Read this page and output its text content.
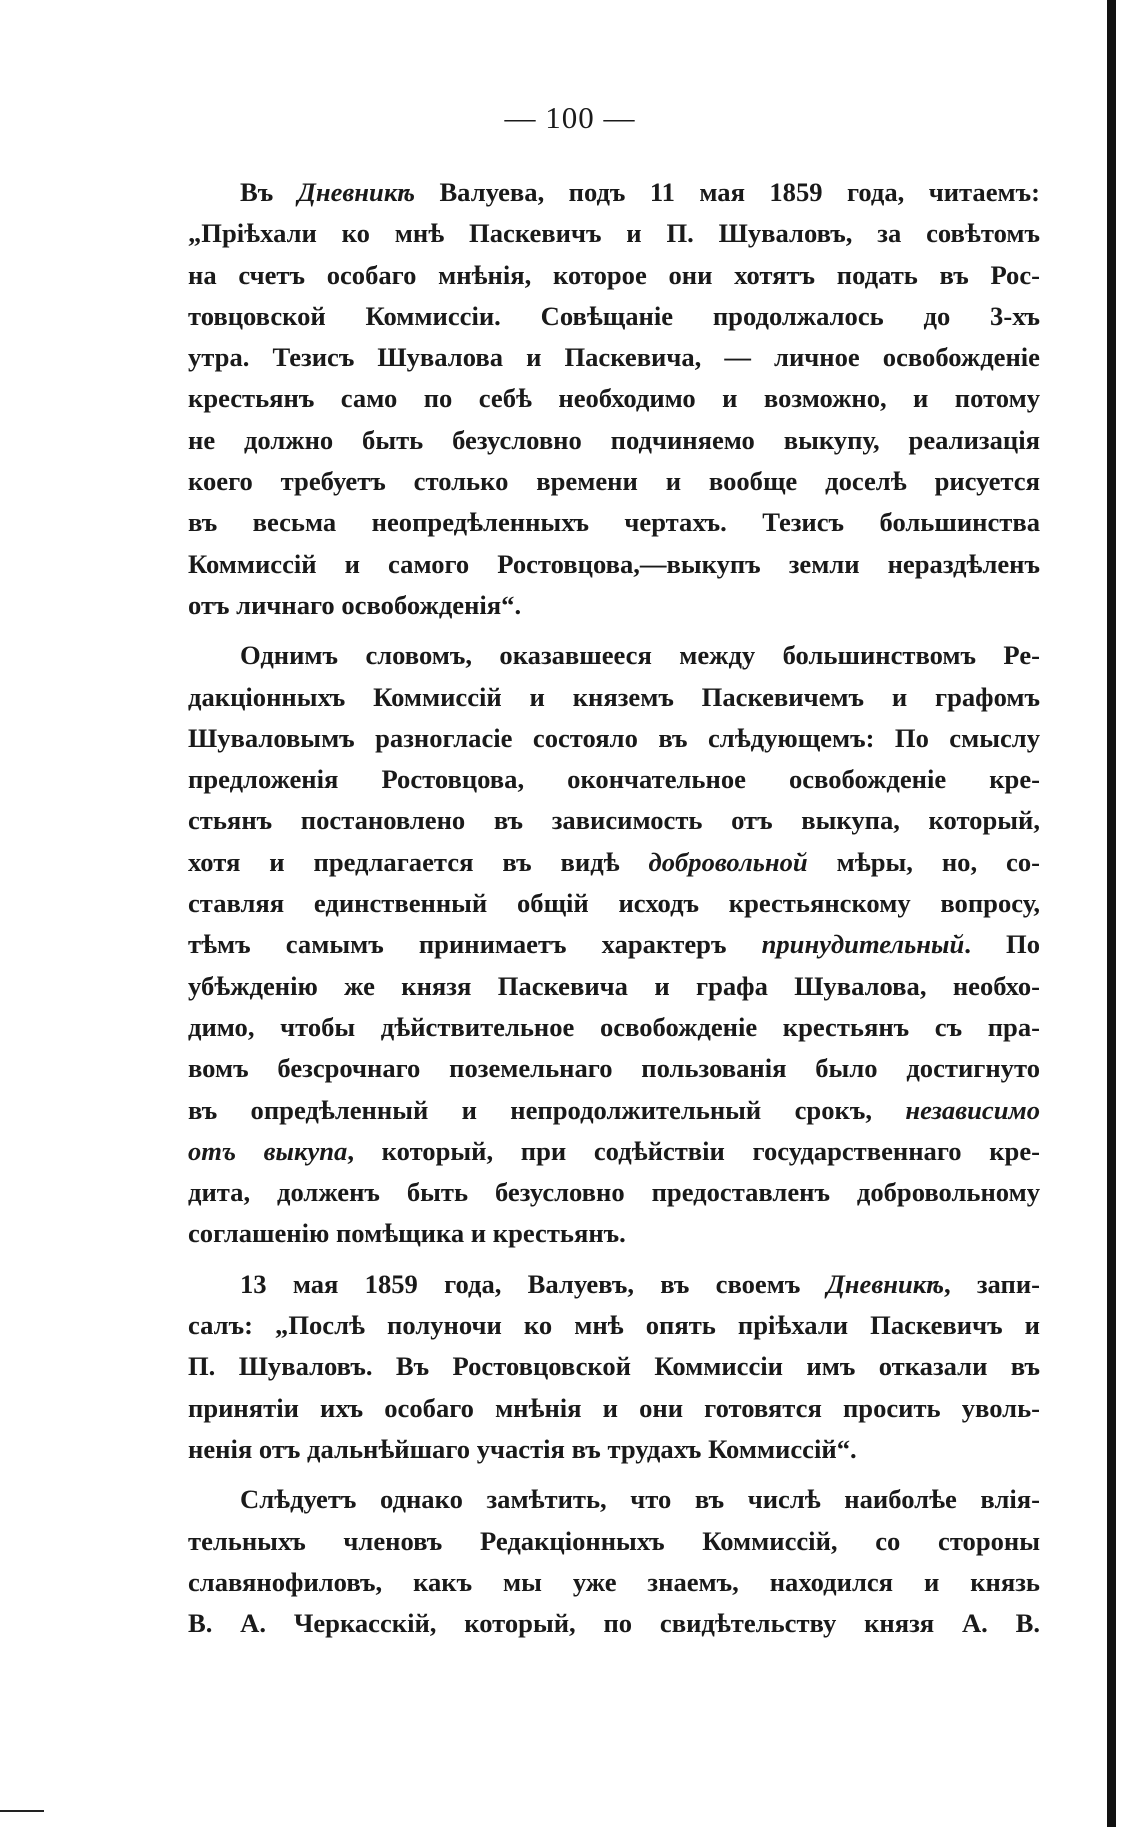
— 100 —
Въ Дневникѣ Валуева, подъ 11 мая 1859 года, читаемъ:
„Пріѣхали ко мнѣ Паскевичъ и П. Шуваловъ, за совѣтомъ
на счетъ особаго мнѣнія, которое они хотятъ подать въ Рос-
товцовской Коммиссіи. Совѣщаніе продолжалось до 3-хъ
утра. Тезисъ Шувалова и Паскевича, — личное освобожденіе
крестьянъ само по себѣ необходимо и возможно, и потому
не должно быть безусловно подчиняемо выкупу, реализація
коего требуетъ столько времени и вообще доселѣ рисуется
въ весьма неопредѣленныхъ чертахъ. Тезисъ большинства
Коммиссій и самого Ростовцова,—выкупъ земли нераздѣленъ
отъ личнаго освобожденія“.
Однимъ словомъ, оказавшееся между большинствомъ Ре-
дакціонныхъ Коммиссій и княземъ Паскевичемъ и графомъ
Шуваловымъ разногласіе состояло въ слѣдующемъ: По смыслу
предложенія Ростовцова, окончательное освобожденіе кре-
стьянъ постановлено въ зависимость отъ выкупа, который,
хотя и предлагается въ видѣ добровольной мѣры, но, со-
ставляя единственный общій исходъ крестьянскому вопросу,
тѣмъ самымъ принимаетъ характеръ принудительный. По
убѣжденію же князя Паскевича и графа Шувалова, необхо-
димо, чтобы дѣйствительное освобожденіе крестьянъ съ пра-
вомъ безсрочнаго поземельнаго пользованія было достигнуто
въ опредѣленный и непродолжительный срокъ, независимо
отъ выкупа, который, при содѣйствіи государственнаго кре-
дита, долженъ быть безусловно предоставленъ добровольному
соглашенію помѣщика и крестьянъ.
13 мая 1859 года, Валуевъ, въ своемъ Дневникѣ, запи-
салъ: „Послѣ полуночи ко мнѣ опять пріѣхали Паскевичъ и
П. Шуваловъ. Въ Ростовцовской Коммиссіи имъ отказали въ
принятіи ихъ особаго мнѣнія и они готовятся просить уволь-
ненія отъ дальнѣйшаго участія въ трудахъ Коммиссій“.
Слѣдуетъ однако замѣтить, что въ числѣ наиболѣе влія-
тельныхъ членовъ Редакціонныхъ Коммиссій, со стороны
славянофиловъ, какъ мы уже знаемъ, находился и князь
В. А. Черкасскій, который, по свидѣтельству князя А. В.
